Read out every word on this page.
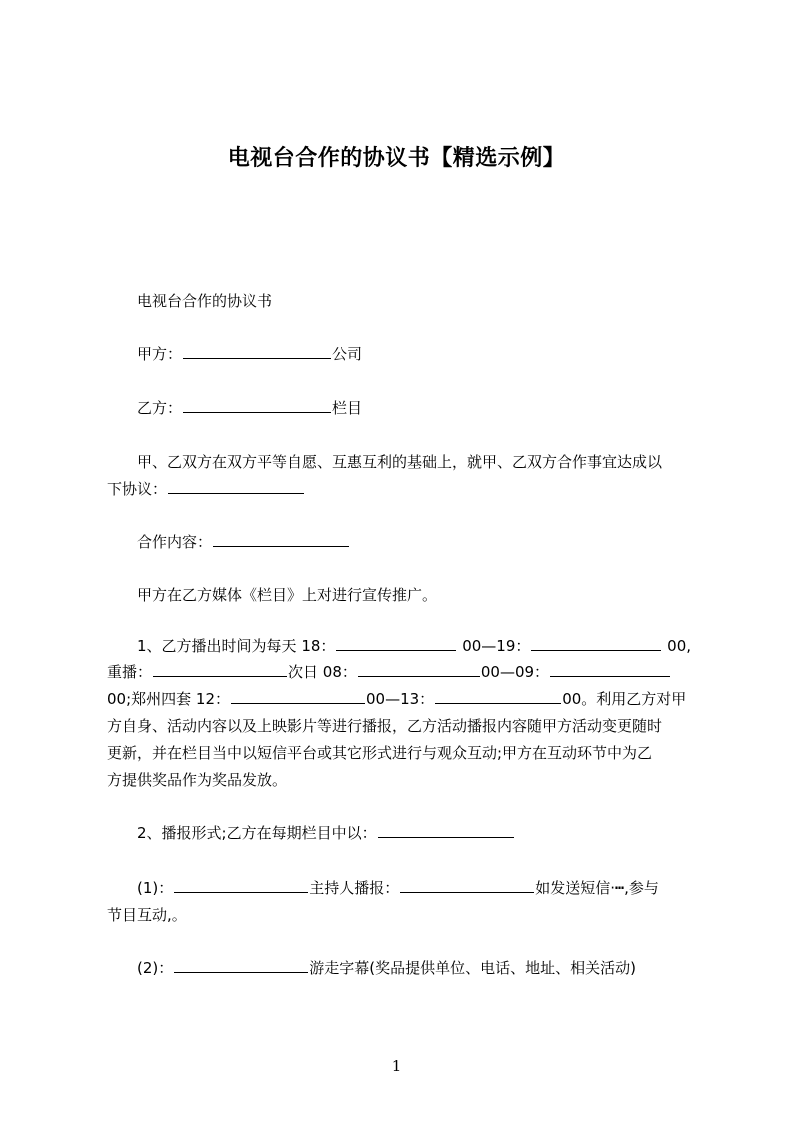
电视台合作的协议书【精选示例】
电视台合作的协议书
甲方：	公司
乙方：	栏目
甲、乙双方在双方平等自愿、互惠互利的基础上，就甲、乙双方合作事宜达成以
下协议：
合作内容：
甲方在乙方媒体《栏目》上对进行宣传推广。
1、乙方播出时间为每天 18：	00—19：	00,
重播：	次日 08：	00—09：
00;郑州四套 12：	00—13：	00。利用乙方对甲
方自身、活动内容以及上映影片等进行播报，乙方活动播报内容随甲方活动变更随时
更新，并在栏目当中以短信平台或其它形式进行与观众互动;甲方在互动环节中为乙
方提供奖品作为奖品发放。
2、播报形式;乙方在每期栏目中以：
(1)：	主持人播报：	如发送短信·┅,参与
节目互动,。
(2)：	游走字幕(奖品提供单位、电话、地址、相关活动)
1
